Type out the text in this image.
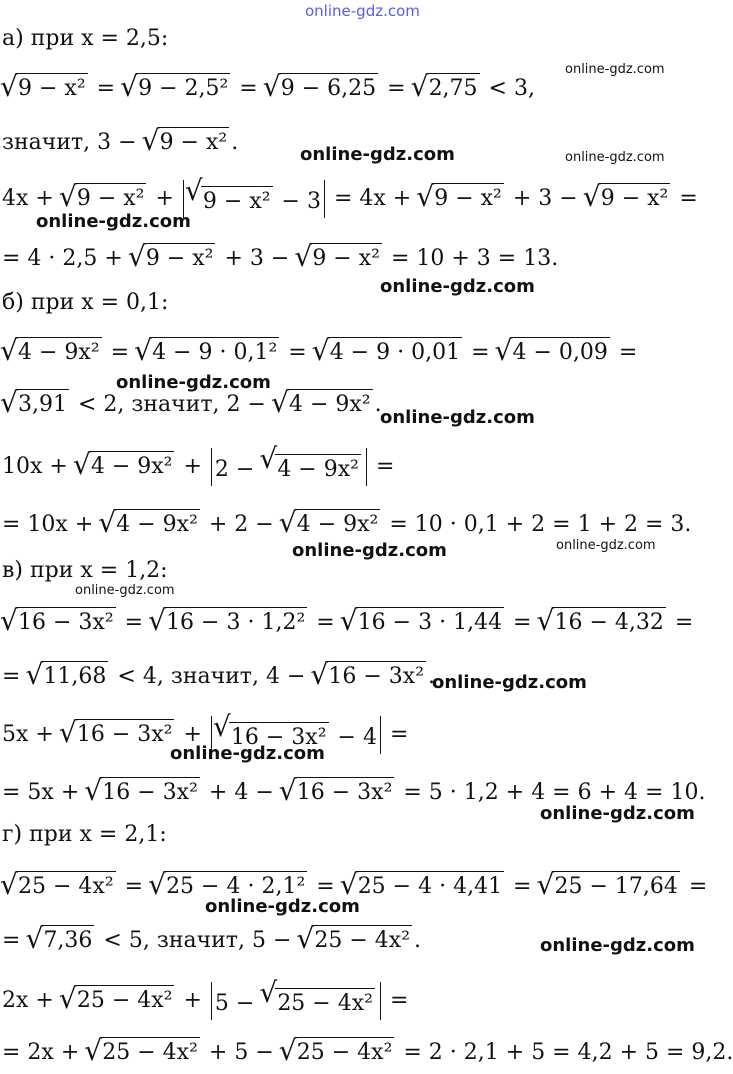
online-gdz.com
online-gdz.com
online-gdz.com	online-gdz.com
online-gdz.com
online-gdz.com
online-gdz.com
online-gdz.com
online-gdz.com	online-gdz.com
online-gdz.com
online-gdz.com
online-gdz.com
online-gdz.com
online-gdz.com
online-gdz.com
а) при x = 2,5:
√ 9 − x² = √ 9 − 2,5² = √ 9 − 6,25 = √ 2,75 < 3,
значит, 3 − √ 9 − x² .
4x + √ 9 − x² + √ 9 − x² − 3 = 4x + √ 9 − x² + 3 − √ 9 − x² =
= 4 · 2,5 + √ 9 − x² + 3 − √ 9 − x² = 10 + 3 = 13.
б) при x = 0,1:
√ 4 − 9x² = √ 4 − 9 · 0,1² = √ 4 − 9 · 0,01 = √ 4 − 0,09 =
√ 3,91 < 2, значит, 2 − √ 4 − 9x² .
10x + √ 4 − 9x² + 2 − √ 4 − 9x² =
= 10x + √ 4 − 9x² + 2 − √ 4 − 9x² = 10 · 0,1 + 2 = 1 + 2 = 3.
в) при x = 1,2:
√ 16 − 3x² = √ 16 − 3 · 1,2² = √ 16 − 3 · 1,44 = √ 16 − 4,32 =
= √ 11,68 < 4, значит, 4 − √ 16 − 3x² .
5x + √ 16 − 3x² + √ 16 − 3x² − 4 =
= 5x + √ 16 − 3x² + 4 − √ 16 − 3x² = 5 · 1,2 + 4 = 6 + 4 = 10.
г) при x = 2,1:
√ 25 − 4x² = √ 25 − 4 · 2,1² = √ 25 − 4 · 4,41 = √ 25 − 17,64 =
= √ 7,36 < 5, значит, 5 − √ 25 − 4x² .
2x + √ 25 − 4x² + 5 − √ 25 − 4x² =
= 2x + √ 25 − 4x² + 5 − √ 25 − 4x² = 2 · 2,1 + 5 = 4,2 + 5 = 9,2.
